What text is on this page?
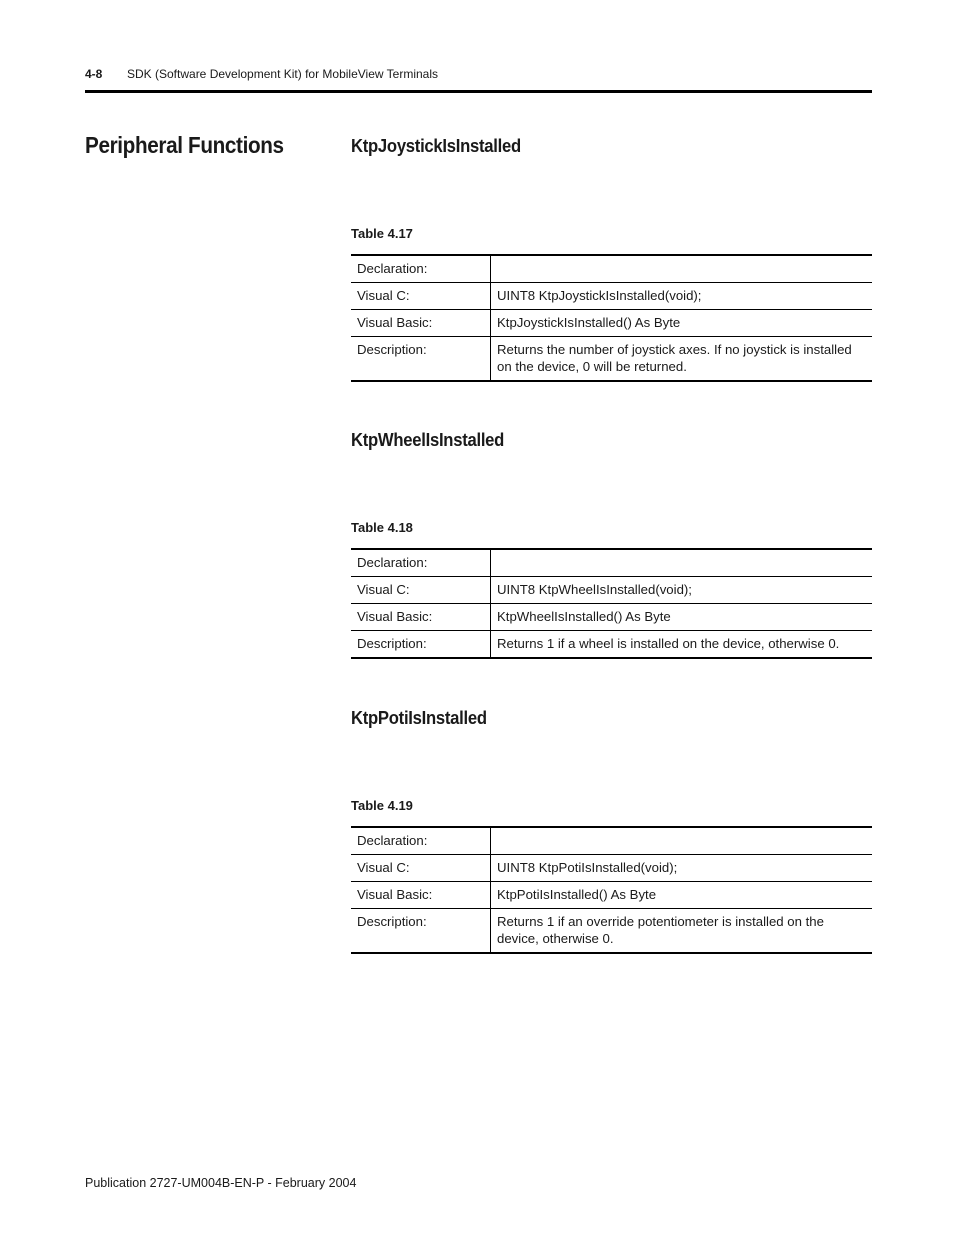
4-8 SDK (Software Development Kit) for MobileView Terminals
Peripheral Functions	KtpJoystickIsInstalled
Table 4.17
Declaration:	
Visual C:	UINT8 KtpJoystickIsInstalled(void);
Visual Basic:	KtpJoystickIsInstalled() As Byte
Description:	Returns the number of joystick axes. If no joystick is installed on the device, 0 will be returned.
KtpWheelIsInstalled
Table 4.18
Declaration:	
Visual C:	UINT8 KtpWheelIsInstalled(void);
Visual Basic:	KtpWheelIsInstalled() As Byte
Description:	Returns 1 if a wheel is installed on the device, otherwise 0.
KtpPotiIsInstalled
Table 4.19
Declaration:	
Visual C:	UINT8 KtpPotiIsInstalled(void);
Visual Basic:	KtpPotiIsInstalled() As Byte
Description:	Returns 1 if an override potentiometer is installed on the device, otherwise 0.
Publication 2727-UM004B-EN-P - February 2004
